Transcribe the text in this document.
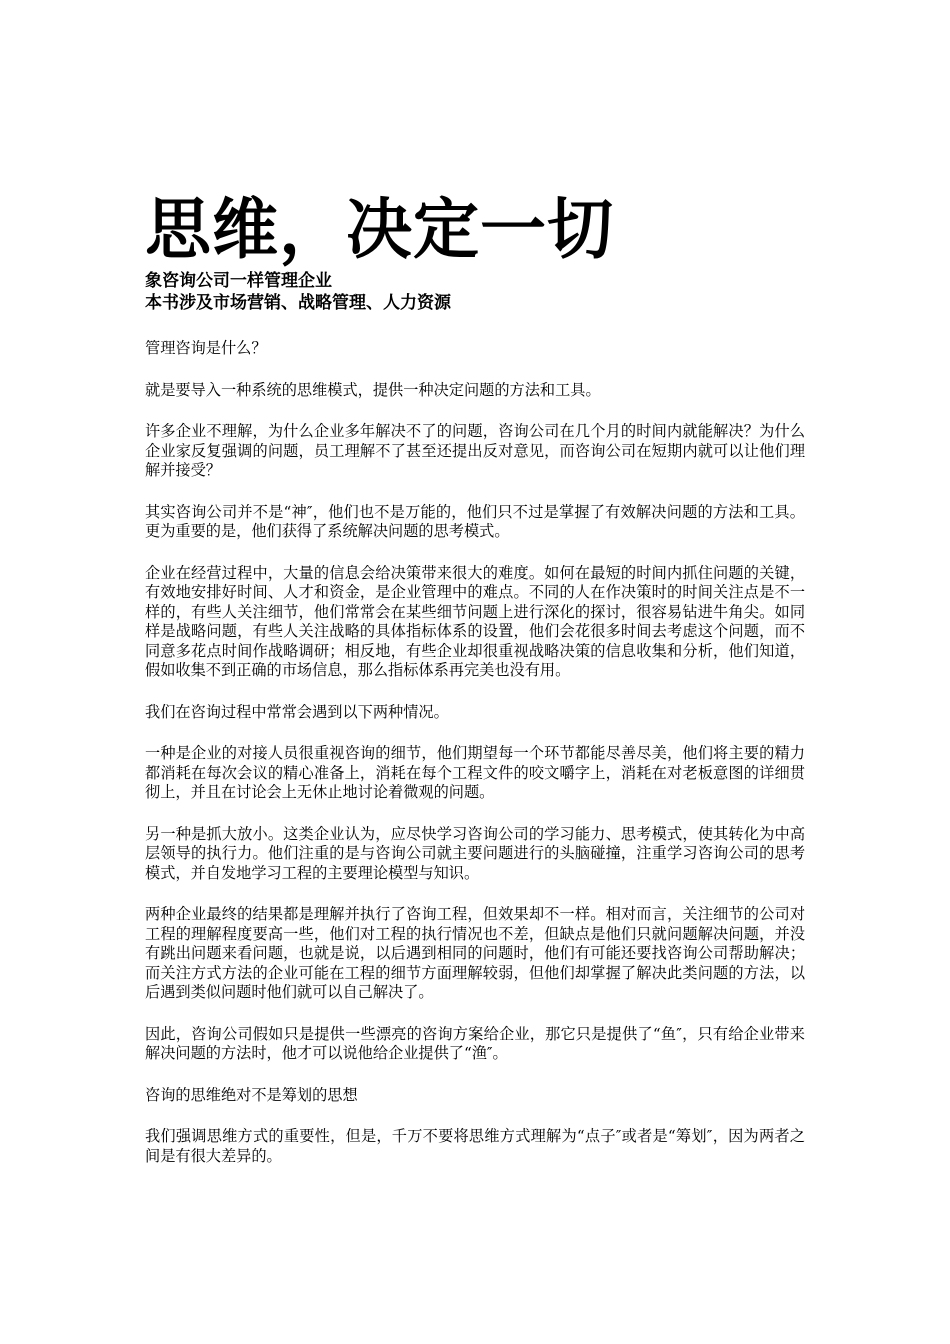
思维，决定一切

象咨询公司一样管理企业

本书涉及市场营销、战略管理、人力资源

管理咨询是什么？

就是要导入一种系统的思维模式，提供一种决定问题的方法和工具。

许多企业不理解，为什么企业多年解决不了的问题，咨询公司在几个月的时间内就能解决？为什么企业家反复强调的问题，员工理解不了甚至还提出反对意见，而咨询公司在短期内就可以让他们理解并接受？

其实咨询公司并不是“神″，他们也不是万能的，他们只不过是掌握了有效解决问题的方法和工具。更为重要的是，他们获得了系统解决问题的思考模式。

企业在经营过程中，大量的信息会给决策带来很大的难度。如何在最短的时间内抓住问题的关键，有效地安排好时间、人才和资金，是企业管理中的难点。不同的人在作决策时的时间关注点是不一样的，有些人关注细节，他们常常会在某些细节问题上进行深化的探讨，很容易钻进牛角尖。如同样是战略问题，有些人关注战略的具体指标体系的设置，他们会花很多时间去考虑这个问题，而不同意多花点时间作战略调研；相反地，有些企业却很重视战略决策的信息收集和分析，他们知道，假如收集不到正确的市场信息，那么指标体系再完美也没有用。

我们在咨询过程中常常会遇到以下两种情况。

一种是企业的对接人员很重视咨询的细节，他们期望每一个环节都能尽善尽美，他们将主要的精力都消耗在每次会议的精心准备上，消耗在每个工程文件的咬文嚼字上，消耗在对老板意图的详细贯彻上，并且在讨论会上无休止地讨论着微观的问题。

另一种是抓大放小。这类企业认为，应尽快学习咨询公司的学习能力、思考模式，使其转化为中高层领导的执行力。他们注重的是与咨询公司就主要问题进行的头脑碰撞，注重学习咨询公司的思考模式，并自发地学习工程的主要理论模型与知识。

两种企业最终的结果都是理解并执行了咨询工程，但效果却不一样。相对而言，关注细节的公司对工程的理解程度要高一些，他们对工程的执行情况也不差，但缺点是他们只就问题解决问题，并没有跳出问题来看问题，也就是说，以后遇到相同的问题时，他们有可能还要找咨询公司帮助解决；而关注方式方法的企业可能在工程的细节方面理解较弱，但他们却掌握了解决此类问题的方法，以后遇到类似问题时他们就可以自己解决了。

因此，咨询公司假如只是提供一些漂亮的咨询方案给企业，那它只是提供了“鱼″，只有给企业带来解决问题的方法时，他才可以说他给企业提供了“渔″。

咨询的思维绝对不是筹划的思想

我们强调思维方式的重要性，但是，千万不要将思维方式理解为“点子″或者是“筹划″，因为两者之间是有很大差异的。
